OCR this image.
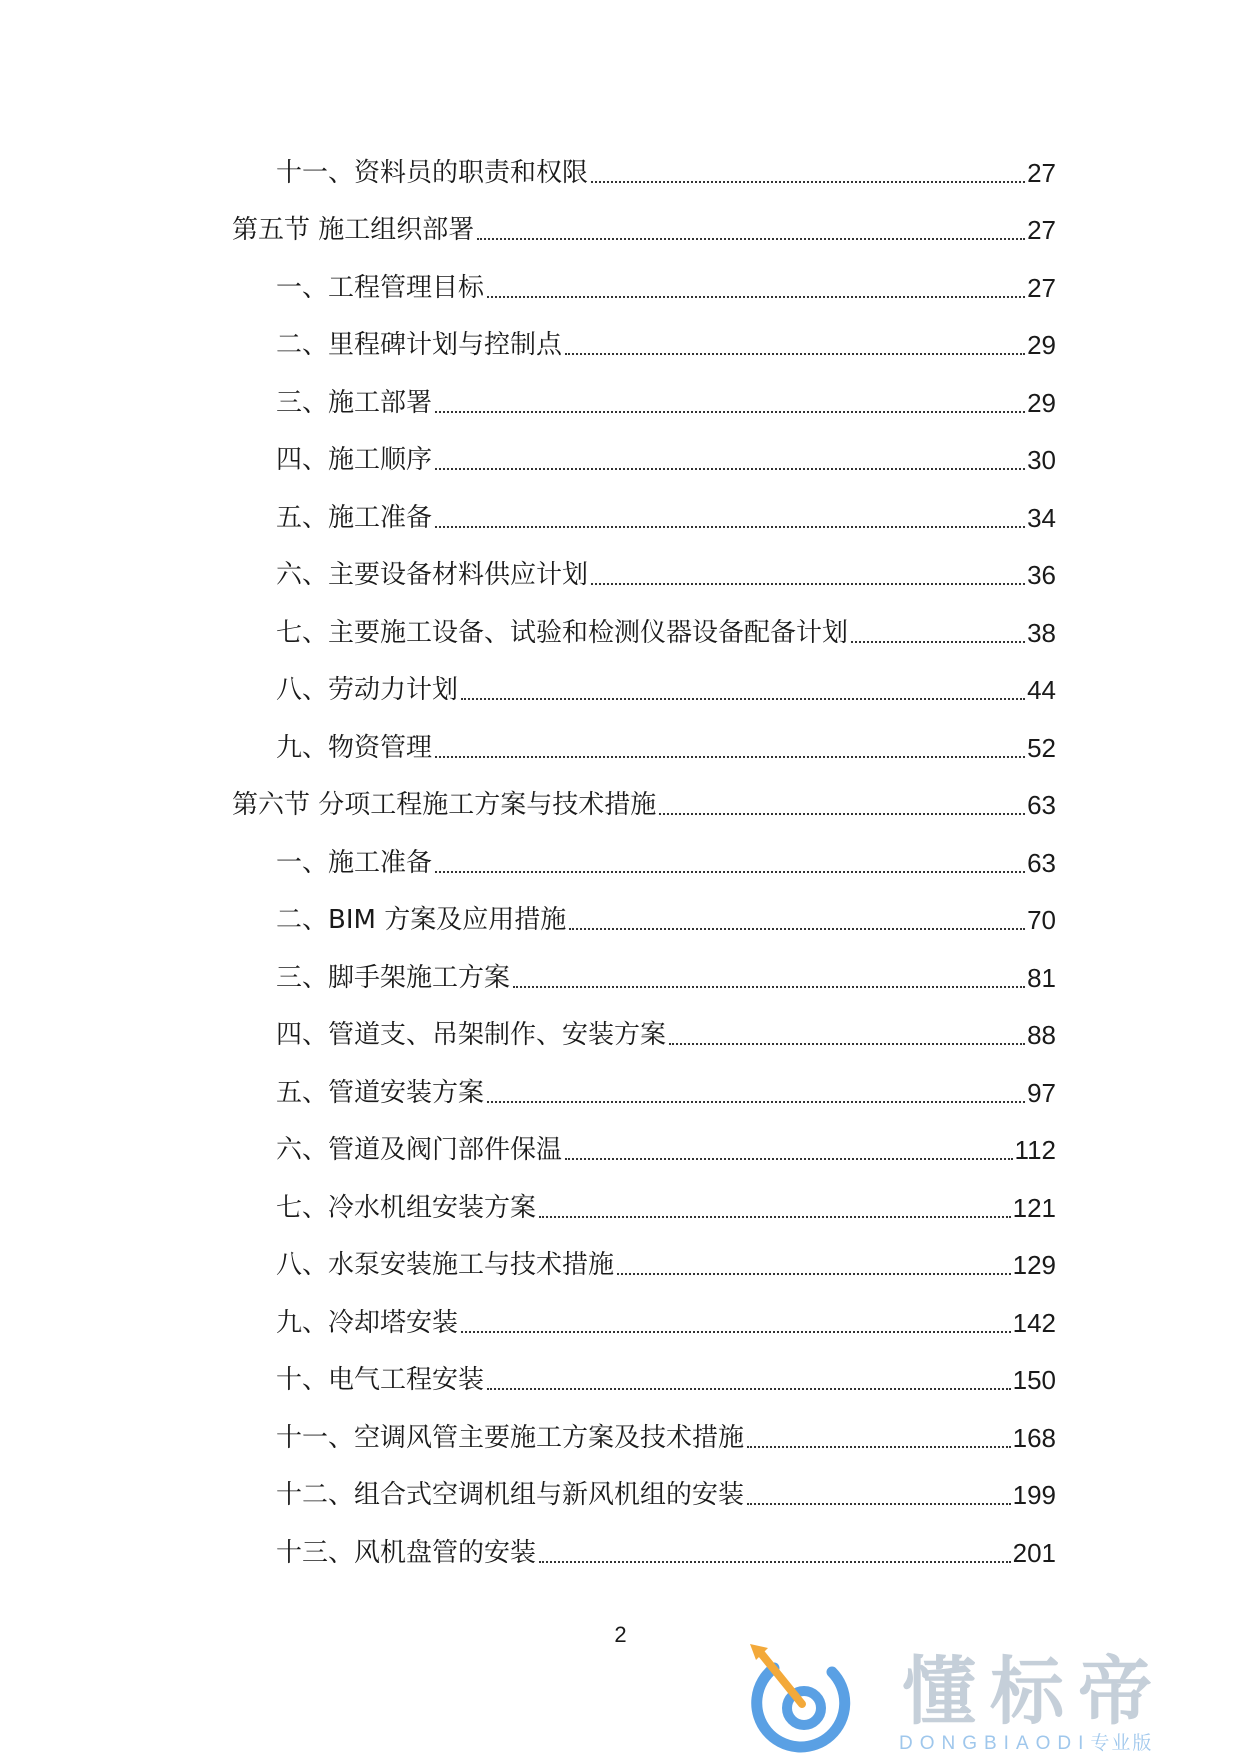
十一、资料员的职责和权限	27
第五节 施工组织部署	27
一、工程管理目标	27
二、里程碑计划与控制点	29
三、施工部署	29
四、施工顺序	30
五、施工准备	34
六、主要设备材料供应计划	36
七、主要施工设备、试验和检测仪器设备配备计划	38
八、劳动力计划	44
九、物资管理	52
第六节 分项工程施工方案与技术措施	63
一、施工准备	63
二、BIM 方案及应用措施	70
三、脚手架施工方案	81
四、管道支、吊架制作、安装方案	88
五、管道安装方案	97
六、管道及阀门部件保温	112
七、冷水机组安装方案	121
八、水泵安装施工与技术措施	129
九、冷却塔安装	142
十、电气工程安装	150
十一、空调风管主要施工方案及技术措施	168
十二、组合式空调机组与新风机组的安装	199
十三、风机盘管的安装	201
2
懂标帝
DONGBIAODI专业版
